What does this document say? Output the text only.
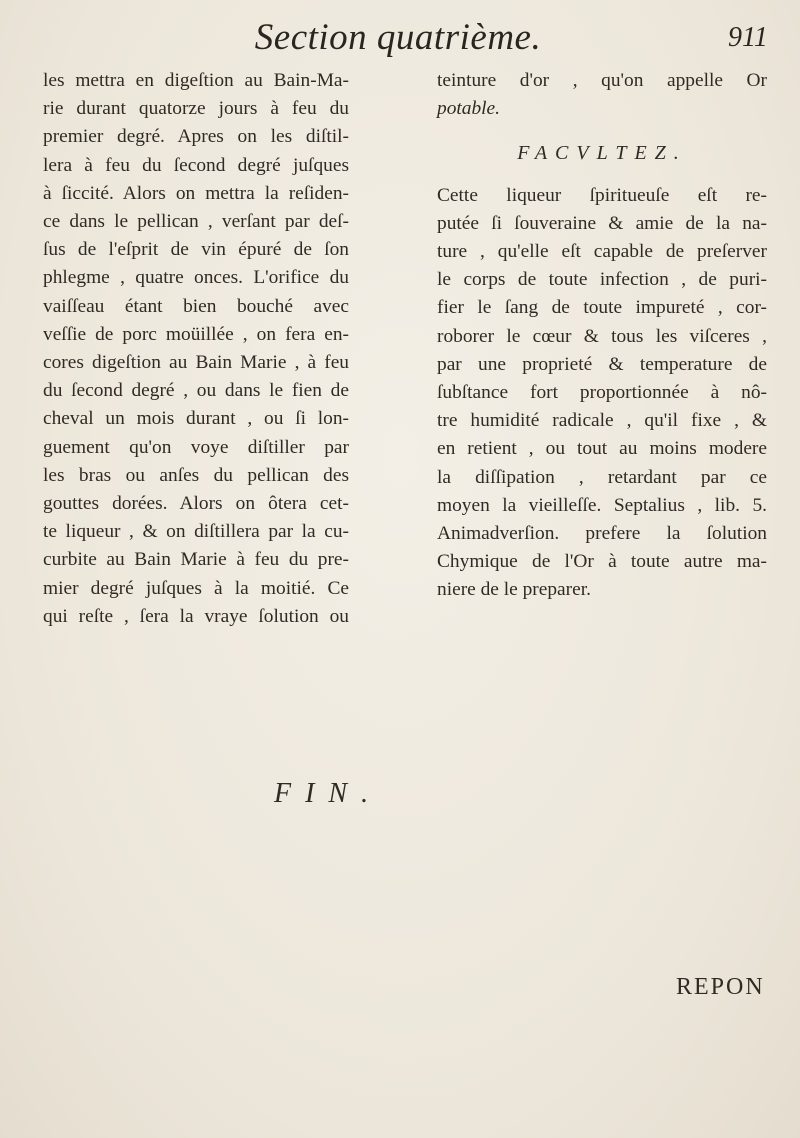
Section quatrième.	911
les mettra en digeſtion au Bain-Ma-
rie durant quatorze jours à feu du
premier degré. Apres on les diſtil-
lera à feu du ſecond degré juſques
à ſiccité. Alors on mettra la reſiden-
ce dans le pellican , verſant par deſ-
ſus de l'eſprit de vin épuré de ſon
phlegme , quatre onces. L'orifice du
vaiſſeau étant bien bouché avec
veſſie de porc moüillée , on fera en-
cores digeſtion au Bain Marie , à feu
du ſecond degré , ou dans le fien de
cheval un mois durant , ou ſi lon-
guement qu'on voye diſtiller par
les bras ou anſes du pellican des
gouttes dorées. Alors on ôtera cet-
te liqueur , & on diſtillera par la cu-
curbite au Bain Marie à feu du pre-
mier degré juſques à la moitié. Ce
qui reſte , ſera la vraye ſolution ou
teinture d'or , qu'on appelle Or
potable.
FACVLTEZ.
Cette liqueur ſpiritueuſe eſt re-
putée ſi ſouveraine & amie de la na-
ture , qu'elle eſt capable de preſerver
le corps de toute infection , de puri-
fier le ſang de toute impureté , cor-
roborer le cœur & tous les viſceres ,
par une proprieté & temperature de
ſubſtance fort proportionnée à nô-
tre humidité radicale , qu'il fixe , &
en retient , ou tout au moins modere
la diſſipation , retardant par ce
moyen la vieilleſſe. Septalius , lib. 5.
Animadverſion. prefere la ſolution
Chymique de l'Or à toute autre ma-
niere de le preparer.
FIN.
REPON
